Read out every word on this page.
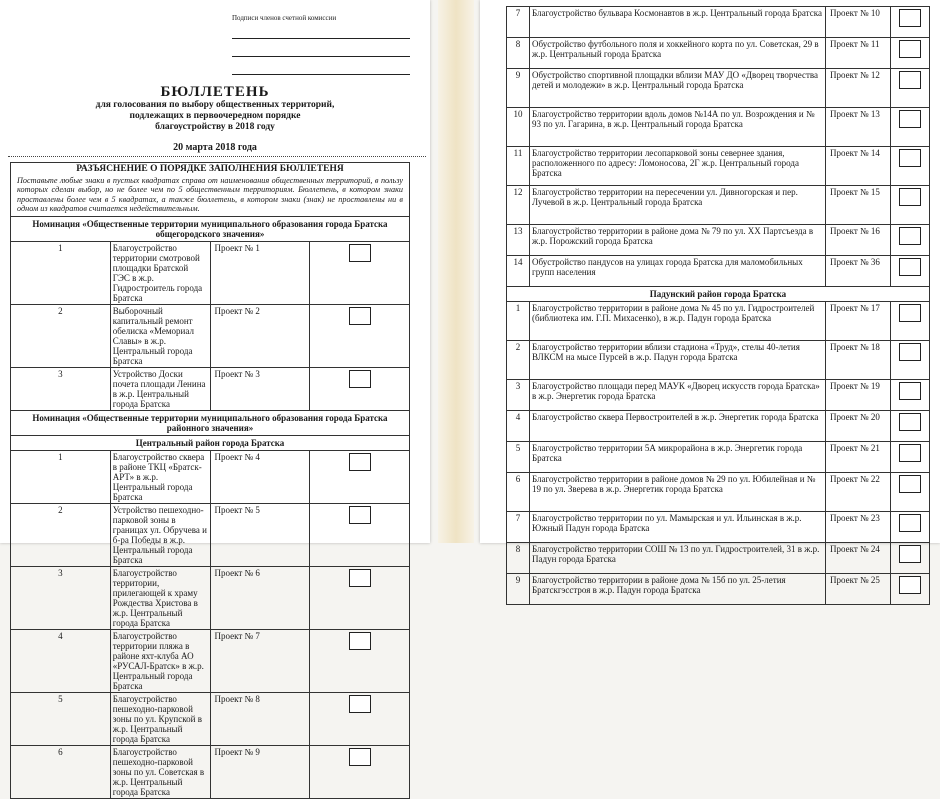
Подписи членов счетной комиссии
БЮЛЛЕТЕНЬ
для голосования по выбору общественных территорий,
подлежащих в первоочередном порядке
благоустройству в 2018 году
20 марта 2018 года
РАЗЪЯСНЕНИЕ О ПОРЯДКЕ ЗАПОЛНЕНИЯ БЮЛЛЕТЕНЯ
Поставьте любые знаки в пустых квадратах справа от наименования общественных территорий, в пользу которых сделан выбор, но не более чем по 5 общественным территориям. Бюллетень, в котором знаки проставлены более чем в 5 квадратах, а также бюллетень, в котором знаки (знак) не проставлены ни в одном из квадратов считается недействительным.			
Номинация «Общественные территории муниципального образования города Братска общегородского значения»			
1	Благоустройство территории смотровой площадки Братской ГЭС в ж.р. Гидростроитель города Братска	Проект № 1	

2	Выборочный капитальный ремонт обелиска «Мемориал Славы» в ж.р. Центральный города Братска	Проект № 2	

3	Устройство Доски почета площади Ленина в ж.р. Центральный города Братска	Проект № 3	

Номинация «Общественные территории муниципального образования города Братска районного значения»			
Центральный район города Братска			
1	Благоустройство сквера в районе ТКЦ «Братск-АРТ» в ж.р. Центральный города Братска	Проект № 4	

2	Устройство пешеходно-парковой зоны в границах ул. Обручева и б-ра Победы в ж.р. Центральный города Братска	Проект № 5	

3	Благоустройство территории, прилегающей к храму Рождества Христова в ж.р. Центральный города Братска	Проект № 6	

4	Благоустройство территории пляжа в районе яхт-клуба АО «РУСАЛ-Братск» в ж.р. Центральный города Братска	Проект № 7	

5	Благоустройство пешеходно-парковой зоны по ул. Крупской в ж.р. Центральный города Братска	Проект № 8	

6	Благоустройство пешеходно-парковой зоны по ул. Советская в ж.р. Центральный города Братска	Проект № 9	
7	Благоустройство бульвара Космонавтов в ж.р. Центральный города Братска	Проект № 10	

8	Обустройство футбольного поля и хоккейного корта по ул. Советская, 29 в ж.р. Центральный города Братска	Проект № 11	

9	Обустройство спортивной площадки вблизи МАУ ДО «Дворец творчества детей и молодежи» в ж.р. Центральный города Братска	Проект № 12	

10	Благоустройство территории вдоль домов №14А по ул. Возрождения и № 93 по ул. Гагарина, в ж.р. Центральный города Братска	Проект № 13	

11	Благоустройство территории лесопарковой зоны севернее здания, расположенного по адресу: Ломоносова, 2Г ж.р. Центральный города Братска	Проект № 14	

12	Благоустройство территории на пересечении ул. Дивногорская и пер. Лучевой в ж.р. Центральный города Братска	Проект № 15	

13	Благоустройство территории в районе дома № 79 по ул. XX Партсъезда в ж.р. Порожский города Братска	Проект № 16	

14	Обустройство пандусов на улицах города Братска для маломобильных групп населения	Проект № 36	

Падунский район города Братска			
1	Благоустройство территории в районе дома № 45 по ул. Гидростроителей (библиотека им. Г.П. Михасенко), в ж.р. Падун города Братска	Проект № 17	

2	Благоустройство территории вблизи стадиона «Труд», стелы 40-летия ВЛКСМ на мысе Пурсей в ж.р. Падун города Братска	Проект № 18	

3	Благоустройство площади перед МАУК «Дворец искусств города Братска» в ж.р. Энергетик города Братска	Проект № 19	

4	Благоустройство сквера Первостроителей в ж.р. Энергетик города Братска	Проект № 20	

5	Благоустройство территории 5А микрорайона в ж.р. Энергетик города Братска	Проект № 21	

6	Благоустройство территории в районе домов № 29 по ул. Юбилейная и № 19 по ул. Зверева в ж.р. Энергетик города Братска	Проект № 22	

7	Благоустройство территории по ул. Мамырская и ул. Ильинская в ж.р. Южный Падун города Братска	Проект № 23	

8	Благоустройство территории СОШ № 13 по ул. Гидростроителей, 31 в ж.р. Падун города Братска	Проект № 24	

9	Благоустройство территории в районе дома № 15б по ул. 25-летия Братскгэсстроя в ж.р. Падун города Братска	Проект № 25	
